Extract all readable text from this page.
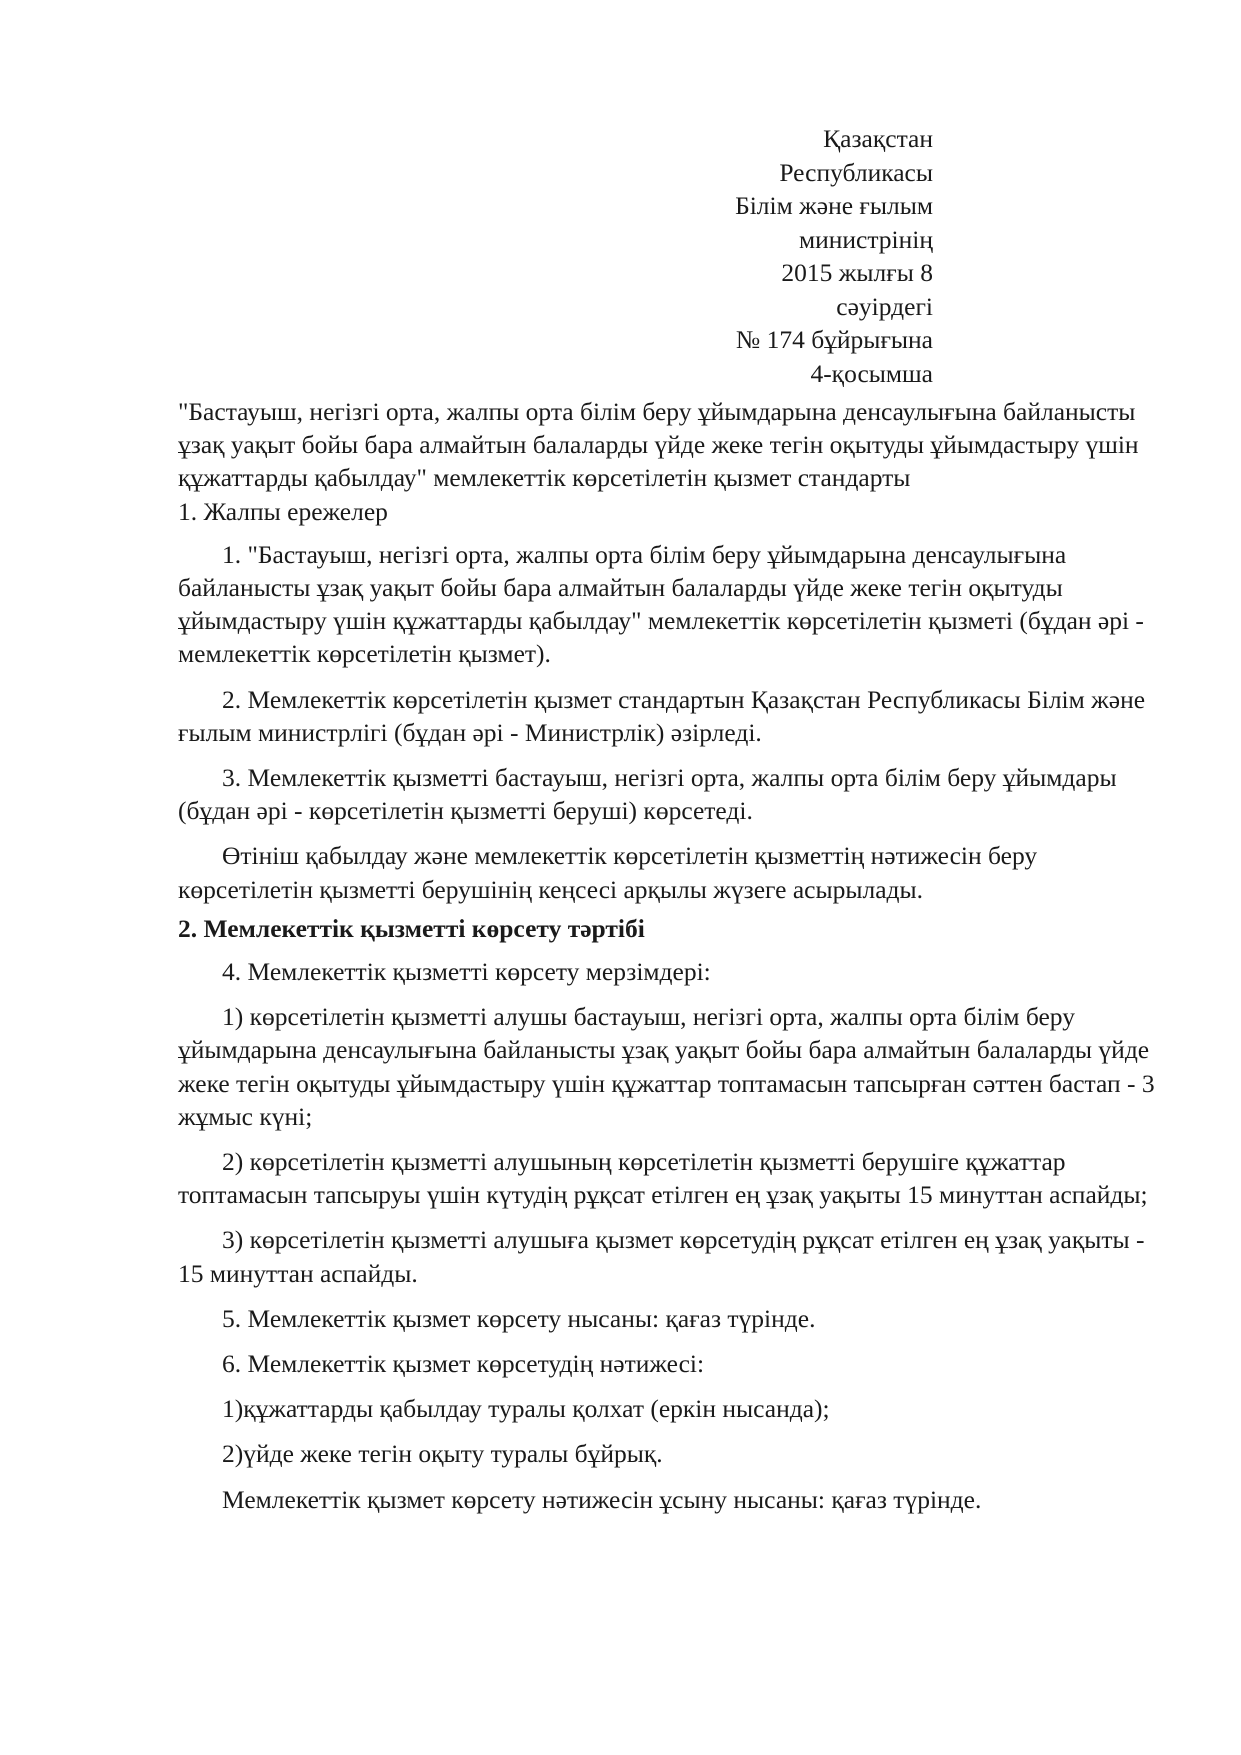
Қазақстан
Республикасы
Білім және ғылым
министрінің
2015 жылғы 8
сәуірдегі
№ 174 бұйрығына
4-қосымша

"Бастауыш, негізгі орта, жалпы орта білім беру ұйымдарына денсаулығына байланысты ұзақ уақыт бойы бара алмайтын балаларды үйде жеке тегін оқытуды ұйымдастыру үшін құжаттарды қабылдау" мемлекеттік көрсетілетін қызмет стандарты

1. Жалпы ережелер

1. "Бастауыш, негізгі орта, жалпы орта білім беру ұйымдарына денсаулығына байланысты ұзақ уақыт бойы бара алмайтын балаларды үйде жеке тегін оқытуды ұйымдастыру үшін құжаттарды қабылдау" мемлекеттік көрсетілетін қызметі (бұдан әрі - мемлекеттік көрсетілетін қызмет).

2. Мемлекеттік көрсетілетін қызмет стандартын Қазақстан Республикасы Білім және ғылым министрлігі (бұдан әрі - Министрлік) әзірледі.

3. Мемлекеттік қызметті бастауыш, негізгі орта, жалпы орта білім беру ұйымдары (бұдан әрі - көрсетілетін қызметті беруші) көрсетеді.

Өтініш қабылдау және мемлекеттік көрсетілетін қызметтің нәтижесін беру көрсетілетін қызметті берушінің кеңсесі арқылы жүзеге асырылады.

2. Мемлекеттік қызметті көрсету тәртібі

4. Мемлекеттік қызметті көрсету мерзімдері:

1) көрсетілетін қызметті алушы бастауыш, негізгі орта, жалпы орта білім беру ұйымдарына денсаулығына байланысты ұзақ уақыт бойы бара алмайтын балаларды үйде жеке тегін оқытуды ұйымдастыру үшін құжаттар топтамасын тапсырған сәттен бастап - 3 жұмыс күні;

2) көрсетілетін қызметті алушының көрсетілетін қызметті берушіге құжаттар топтамасын тапсыруы үшін күтудің рұқсат етілген ең ұзақ уақыты 15 минуттан аспайды;

3) көрсетілетін қызметті алушыға қызмет көрсетудің рұқсат етілген ең ұзақ уақыты - 15 минуттан аспайды.

5. Мемлекеттік қызмет көрсету нысаны: қағаз түрінде.

6. Мемлекеттік қызмет көрсетудің нәтижесі:

1)құжаттарды қабылдау туралы қолхат (еркін нысанда);

2)үйде жеке тегін оқыту туралы бұйрық.

Мемлекеттік қызмет көрсету нәтижесін ұсыну нысаны: қағаз түрінде.
